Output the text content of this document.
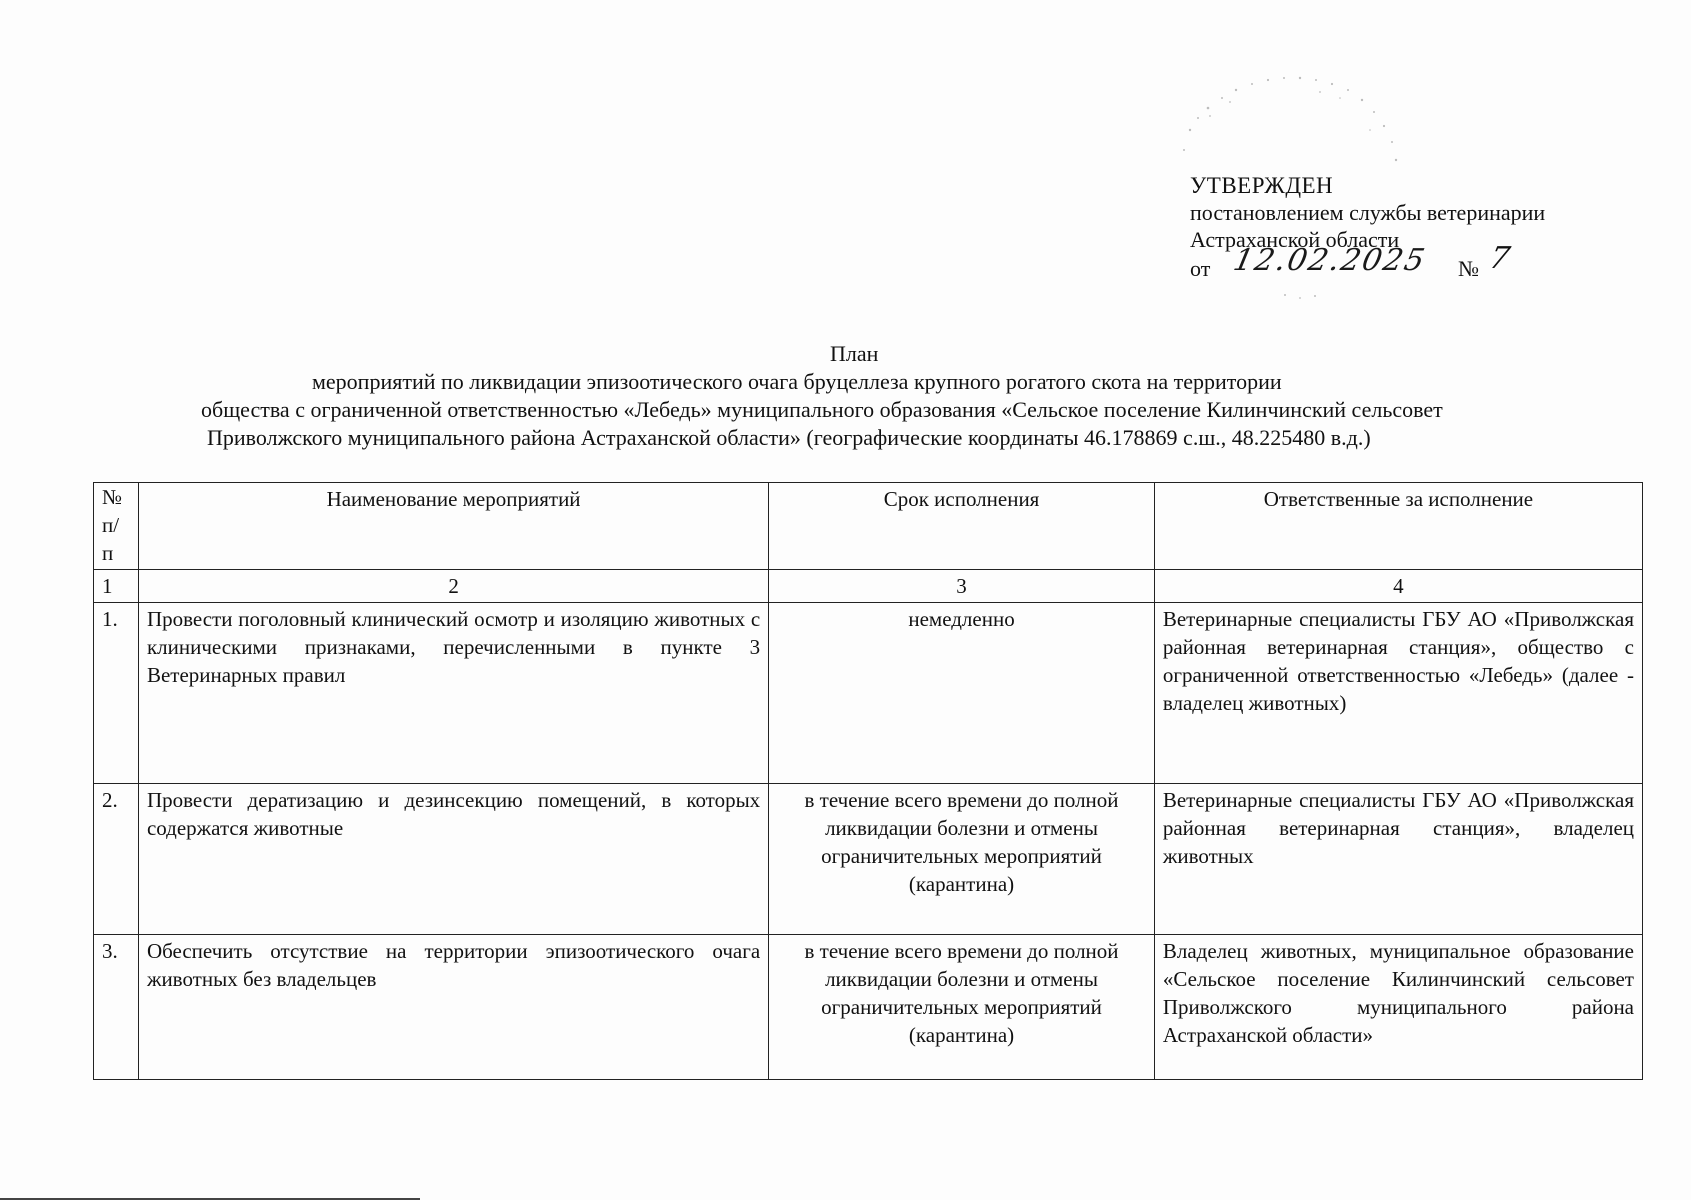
УТВЕРЖДЕН
постановлением службы ветеринарии
Астраханской области
от 12.02.2025 № 7
План
мероприятий по ликвидации эпизоотического очага бруцеллеза крупного рогатого скота на территории
общества с ограниченной ответственностью «Лебедь» муниципального образования «Сельское поселение Килинчинский сельсовет
Приволжского муниципального района Астраханской области» (географические координаты 46.178869 с.ш., 48.225480 в.д.)
№ п/п	Наименование мероприятий	Срок исполнения	Ответственные за исполнение
1	2	3	4
1.	Провести поголовный клинический осмотр и изоляцию животных с клиническими признаками, перечисленными в пункте 3 Ветеринарных правил	немедленно	Ветеринарные специалисты ГБУ АО «Приволжская районная ветеринарная станция», общество с ограниченной ответственностью «Лебедь» (далее - владелец животных)
2.	Провести дератизацию и дезинсекцию помещений, в которых содержатся животные	в течение всего времени до полной ликвидации болезни и отмены ограничительных мероприятий (карантина)	Ветеринарные специалисты ГБУ АО «Приволжская районная ветеринарная станция», владелец животных
3.	Обеспечить отсутствие на территории эпизоотического очага животных без владельцев	в течение всего времени до полной ликвидации болезни и отмены ограничительных мероприятий (карантина)	Владелец животных, муниципальное образование «Сельское поселение Килинчинский сельсовет Приволжского муниципального района Астраханской области»
